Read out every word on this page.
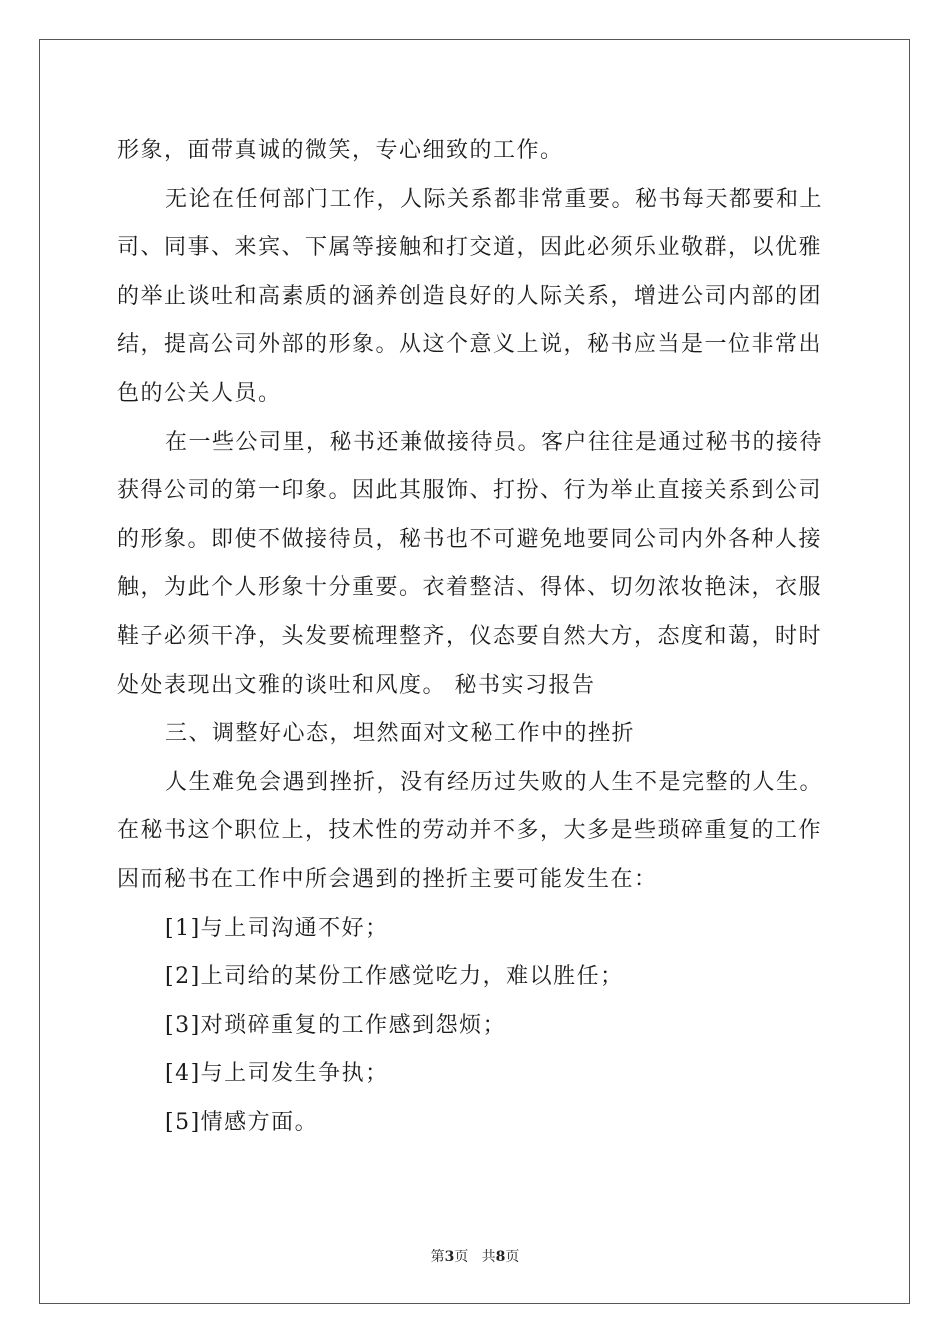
形象，面带真诚的微笑，专心细致的工作。

无论在任何部门工作，人际关系都非常重要。秘书每天都要和上

司、同事、来宾、下属等接触和打交道，因此必须乐业敬群，以优雅

的举止谈吐和高素质的涵养创造良好的人际关系，增进公司内部的团

结，提高公司外部的形象。从这个意义上说，秘书应当是一位非常出

色的公关人员。

在一些公司里，秘书还兼做接待员。客户往往是通过秘书的接待

获得公司的第一印象。因此其服饰、打扮、行为举止直接关系到公司

的形象。即使不做接待员，秘书也不可避免地要同公司内外各种人接

触，为此个人形象十分重要。衣着整洁、得体、切勿浓妆艳沫，衣服

鞋子必须干净，头发要梳理整齐，仪态要自然大方，态度和蔼，时时

处处表现出文雅的谈吐和风度。 秘书实习报告

三、调整好心态，坦然面对文秘工作中的挫折

人生难免会遇到挫折，没有经历过失败的人生不是完整的人生。

在秘书这个职位上，技术性的劳动并不多，大多是些琐碎重复的工作

因而秘书在工作中所会遇到的挫折主要可能发生在：

[1]与上司沟通不好；

[2]上司给的某份工作感觉吃力，难以胜任；

[3]对琐碎重复的工作感到怨烦；

[4]与上司发生争执；

[5]情感方面。

第3页 共8页
